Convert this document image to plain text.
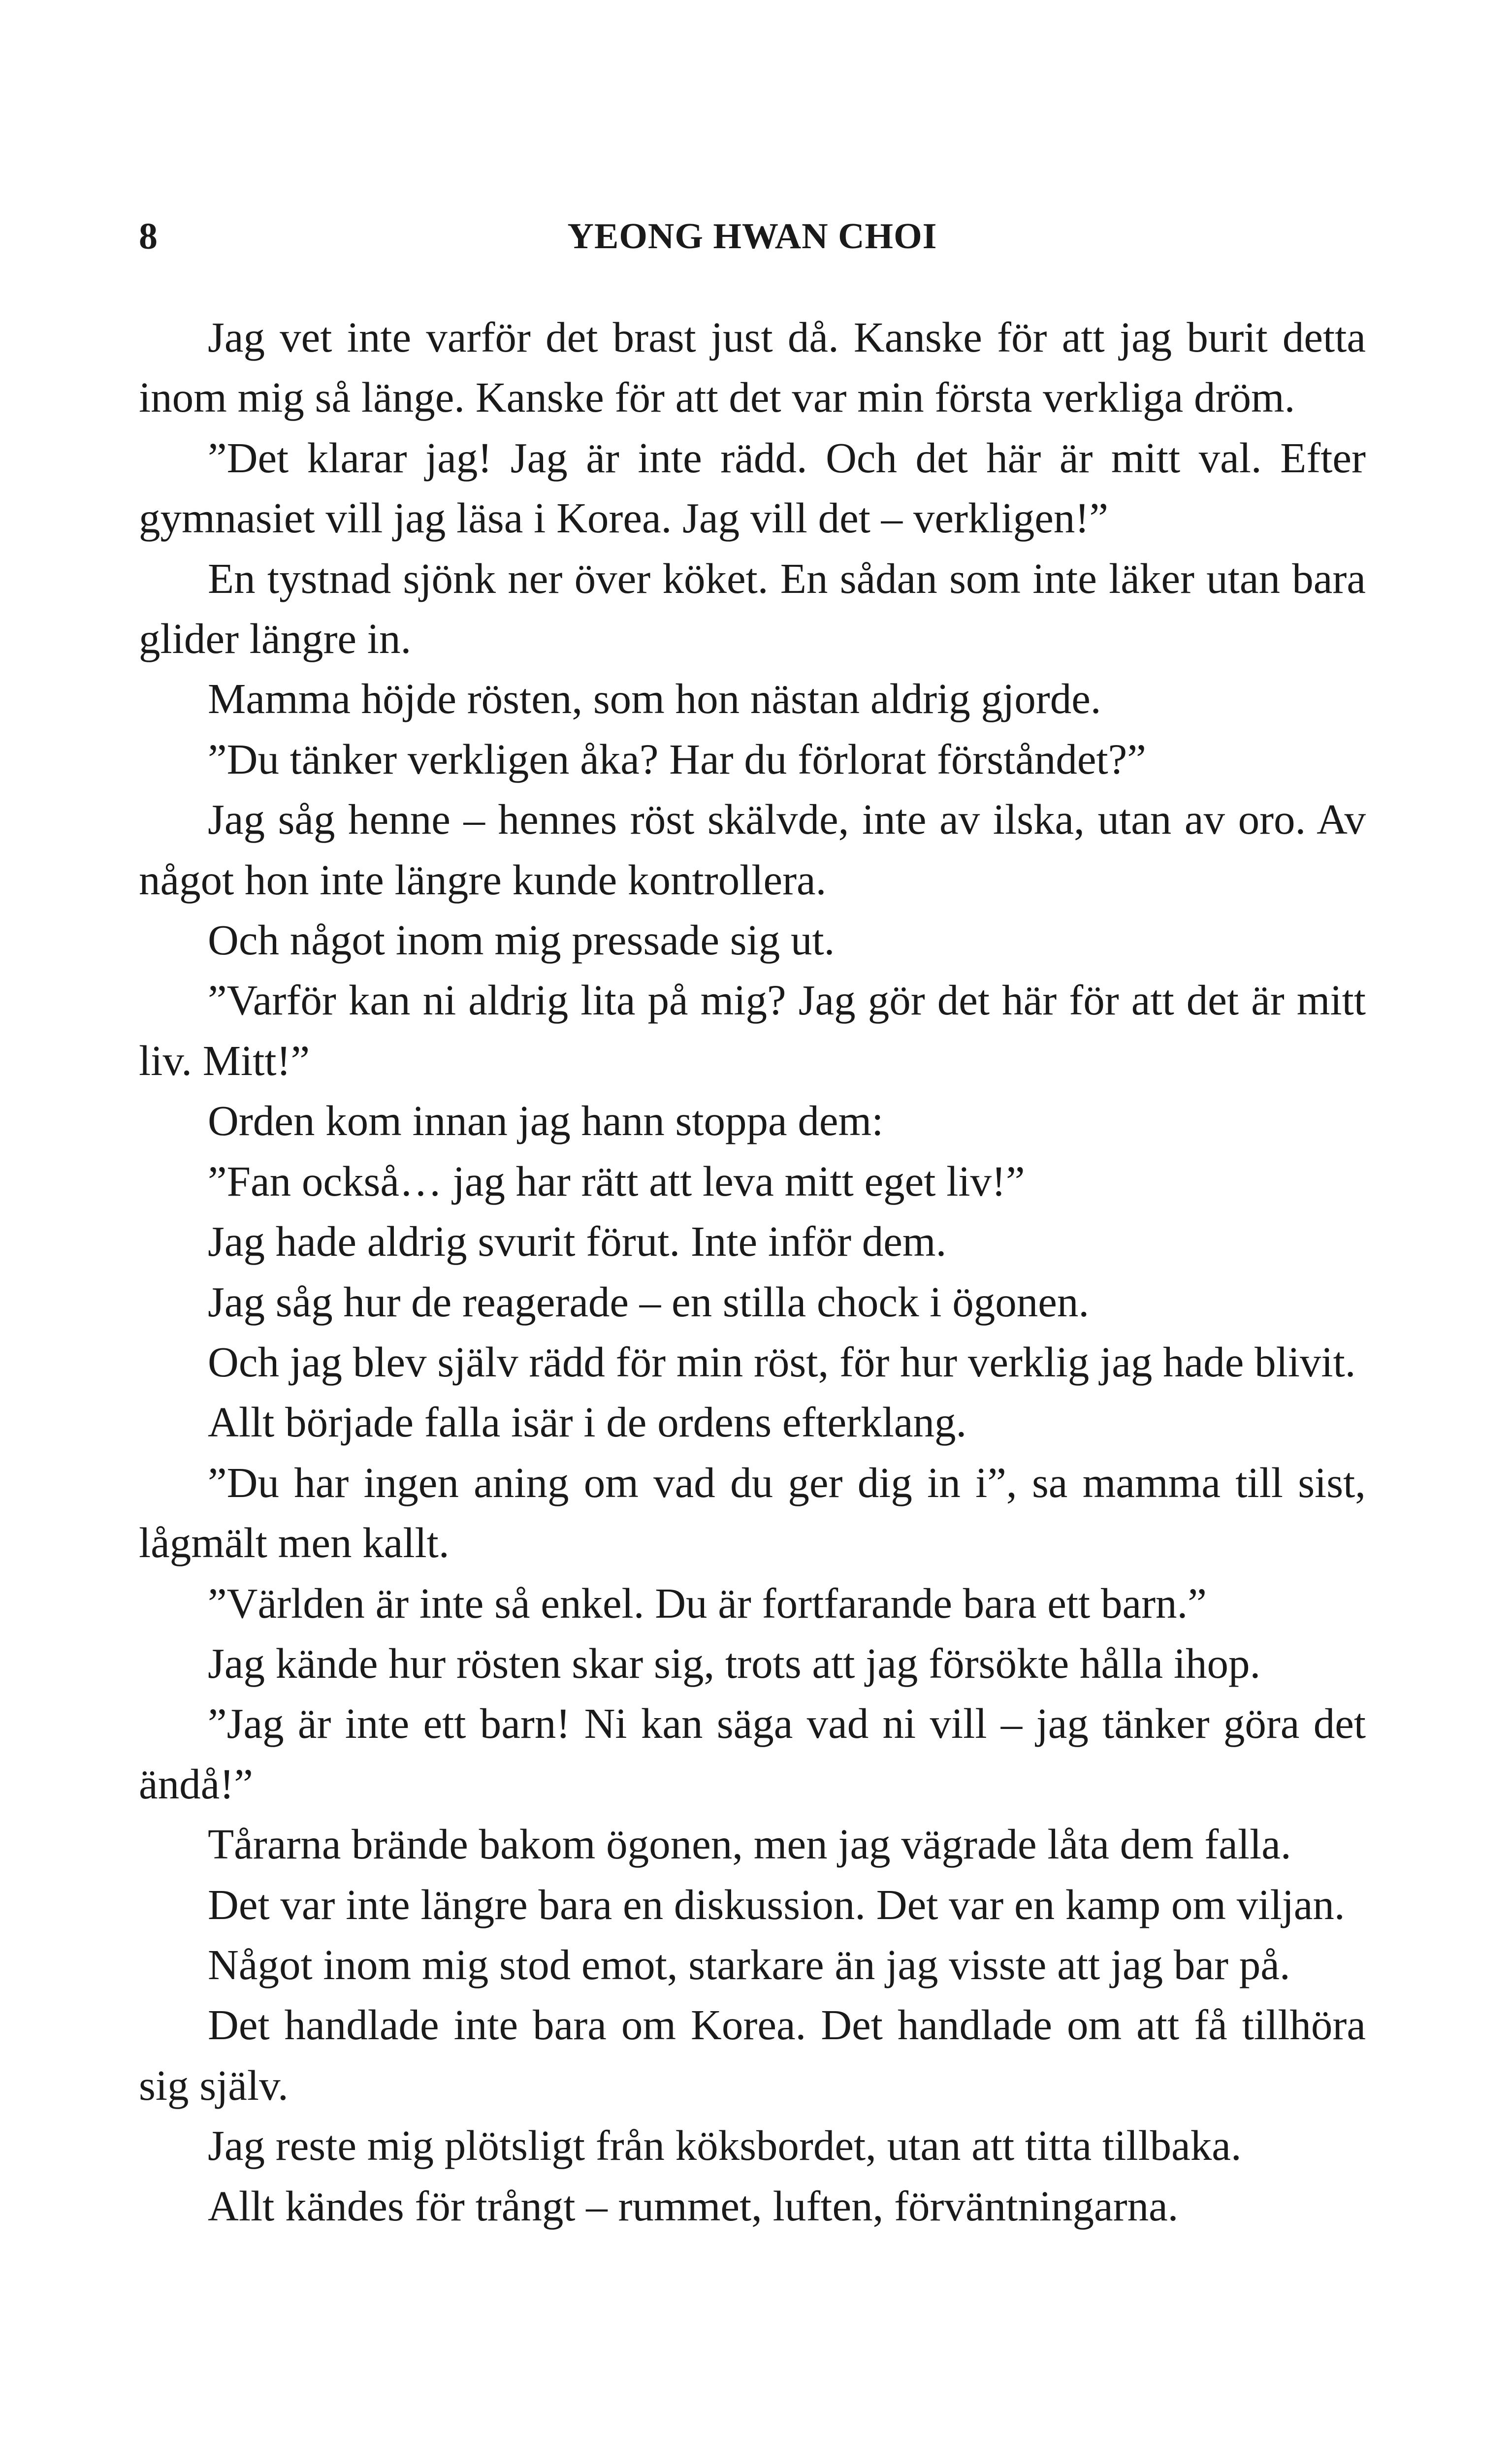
8	YEONG HWAN CHOI

Jag vet inte varför det brast just då. Kanske för att jag burit detta inom mig så länge. Kanske för att det var min första verkliga dröm.

”Det klarar jag! Jag är inte rädd. Och det här är mitt val. Efter gymnasiet vill jag läsa i Korea. Jag vill det – verkligen!”

En tystnad sjönk ner över köket. En sådan som inte läker utan bara glider längre in.

Mamma höjde rösten, som hon nästan aldrig gjorde.

”Du tänker verkligen åka? Har du förlorat förståndet?”

Jag såg henne – hennes röst skälvde, inte av ilska, utan av oro. Av något hon inte längre kunde kontrollera.

Och något inom mig pressade sig ut.

”Varför kan ni aldrig lita på mig? Jag gör det här för att det är mitt liv. Mitt!”

Orden kom innan jag hann stoppa dem:

”Fan också… jag har rätt att leva mitt eget liv!”

Jag hade aldrig svurit förut. Inte inför dem.

Jag såg hur de reagerade – en stilla chock i ögonen.

Och jag blev själv rädd för min röst, för hur verklig jag hade blivit.

Allt började falla isär i de ordens efterklang.

”Du har ingen aning om vad du ger dig in i”, sa mamma till sist, lågmält men kallt.

”Världen är inte så enkel. Du är fortfarande bara ett barn.”

Jag kände hur rösten skar sig, trots att jag försökte hålla ihop.

”Jag är inte ett barn! Ni kan säga vad ni vill – jag tänker göra det ändå!”

Tårarna brände bakom ögonen, men jag vägrade låta dem falla.

Det var inte längre bara en diskussion. Det var en kamp om viljan.

Något inom mig stod emot, starkare än jag visste att jag bar på.

Det handlade inte bara om Korea. Det handlade om att få tillhöra sig själv.

Jag reste mig plötsligt från köksbordet, utan att titta tillbaka.

Allt kändes för trångt – rummet, luften, förväntningarna.
